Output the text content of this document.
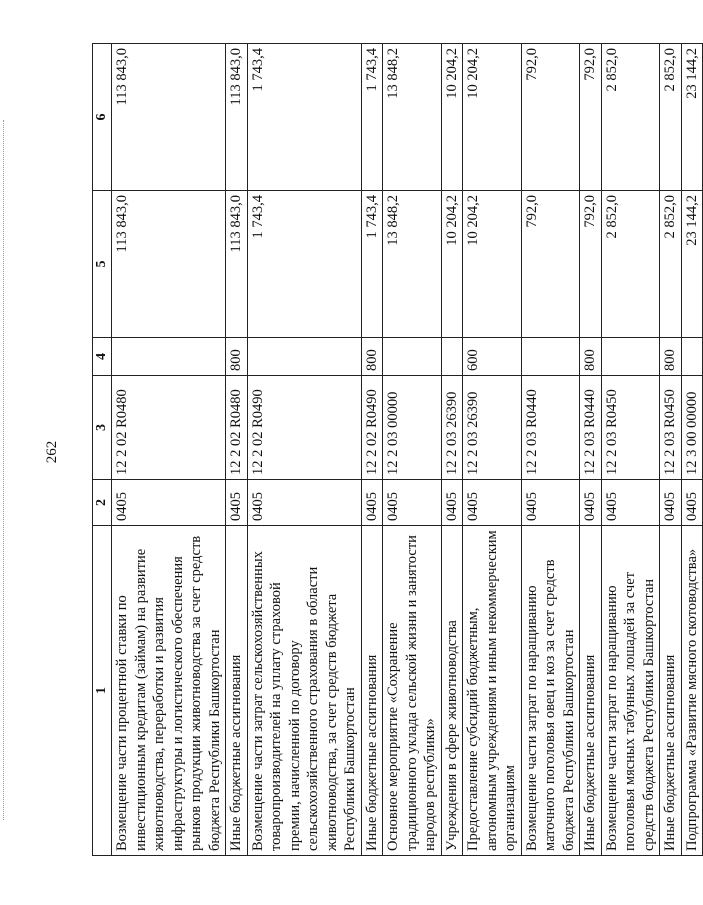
262
1	2	3	4	5	6
Возмещение части процентной ставки по инвестиционным кредитам (займам) на развитие животноводства, переработки и развития инфраструктуры и логистического обеспечения рынков продукции животноводства за счет средств бюджета Республики Башкортостан	0405	12 2 02 R0480		113 843,0	113 843,0
Иные бюджетные ассигнования	0405	12 2 02 R0480	800	113 843,0	113 843,0
Возмещение части затрат сельскохозяйственных товаропроизводителей на уплату страховой премии, начисленной по договору сельскохозяйственного страхования в области животноводства, за счет средств бюджета Республики Башкортостан	0405	12 2 02 R0490		1 743,4	1 743,4
Иные бюджетные ассигнования	0405	12 2 02 R0490	800	1 743,4	1 743,4
Основное мероприятие «Сохранение традиционного уклада сельской жизни и занятости народов республики»	0405	12 2 03 00000		13 848,2	13 848,2
Учреждения в сфере животноводства	0405	12 2 03 26390		10 204,2	10 204,2
Предоставление субсидий бюджетным, автономным учреждениям и иным некоммерческим организациям	0405	12 2 03 26390	600	10 204,2	10 204,2
Возмещение части затрат по наращиванию маточного поголовья овец и коз за счет средств бюджета Республики Башкортостан	0405	12 2 03 R0440		792,0	792,0
Иные бюджетные ассигнования	0405	12 2 03 R0440	800	792,0	792,0
Возмещение части затрат по наращиванию поголовья мясных табунных лошадей за счет средств бюджета Республики Башкортостан	0405	12 2 03 R0450		2 852,0	2 852,0
Иные бюджетные ассигнования	0405	12 2 03 R0450	800	2 852,0	2 852,0
Подпрограмма «Развитие мясного скотоводства»	0405	12 3 00 00000		23 144,2	23 144,2
